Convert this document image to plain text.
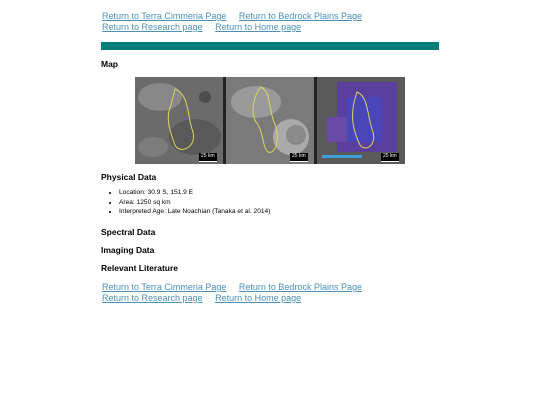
Return to Terra Cimmeria Page Return to Bedrock Plains Page
Return to Research page Return to Home page
Map
25 km	25 km	25 km
Physical Data
• Location: 30.9 S, 151.9 E
• Area: 1250 sq km
• Interpreted Age: Late Noachian (Tanaka et al. 2014)
Spectral Data
Imaging Data
Relevant Literature
Return to Terra Cimmeria Page Return to Bedrock Plains Page
Return to Research page Return to Home page
